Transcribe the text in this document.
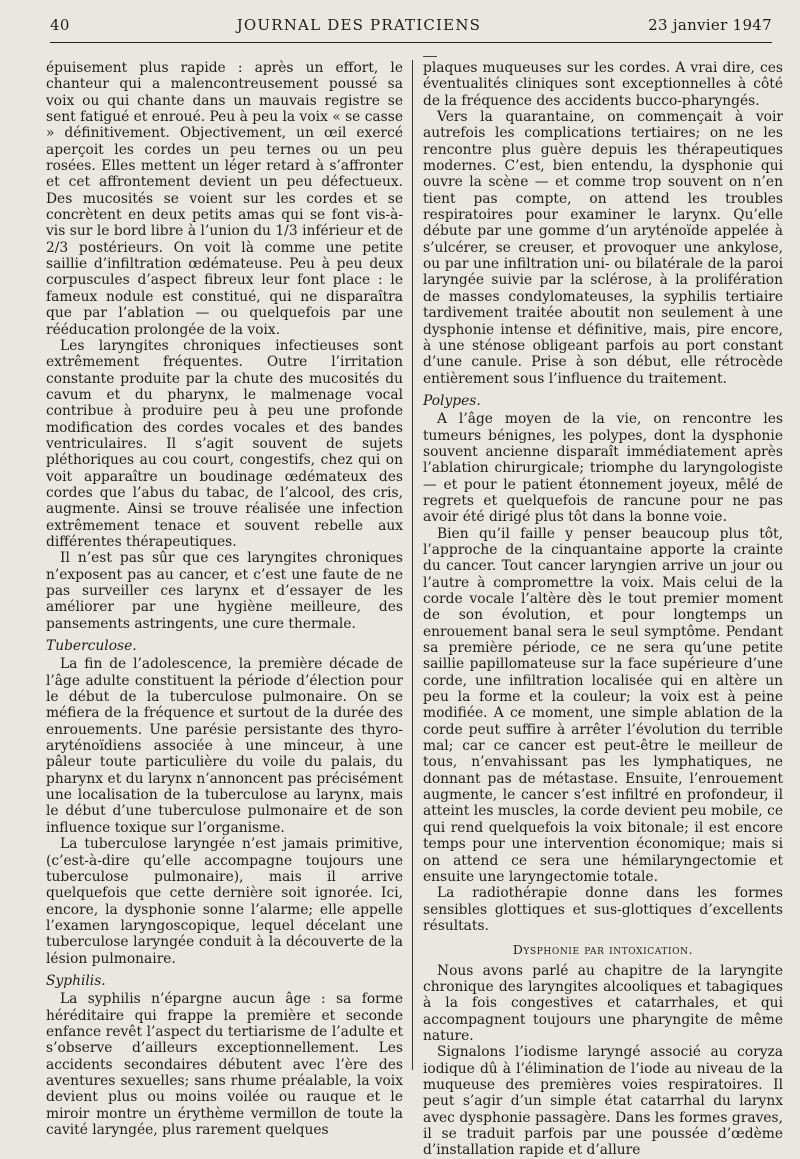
40	JOURNAL DES PRATICIENS	23 janvier 1947

épuisement plus rapide : après un effort, le chanteur qui a malencontreusement poussé sa voix ou qui chante dans un mauvais registre se sent fatigué et enroué. Peu à peu la voix « se casse » définitivement. Objectivement, un œil exercé aperçoit les cordes un peu ternes ou un peu rosées. Elles mettent un léger retard à s’affronter et cet affrontement devient un peu défectueux. Des mucosités se voient sur les cordes et se concrètent en deux petits amas qui se font vis-à-vis sur le bord libre à l’union du 1/3 inférieur et de 2/3 postérieurs. On voit là comme une petite saillie d’infiltration œdémateuse. Peu à peu deux corpuscules d’aspect fibreux leur font place : le fameux nodule est constitué, qui ne disparaîtra que par l’ablation — ou quelquefois par une rééducation prolongée de la voix.

Les laryngites chroniques infectieuses sont extrêmement fréquentes. Outre l’irritation constante produite par la chute des mucosités du cavum et du pharynx, le malmenage vocal contribue à produire peu à peu une profonde modification des cordes vocales et des bandes ventriculaires. Il s’agit souvent de sujets pléthoriques au cou court, congestifs, chez qui on voit apparaître un boudinage œdémateux des cordes que l’abus du tabac, de l’alcool, des cris, augmente. Ainsi se trouve réalisée une infection extrêmement tenace et souvent rebelle aux différentes thérapeutiques.

Il n’est pas sûr que ces laryngites chroniques n’exposent pas au cancer, et c’est une faute de ne pas surveiller ces larynx et d’essayer de les améliorer par une hygiène meilleure, des pansements astringents, une cure thermale.

Tuberculose.

La fin de l’adolescence, la première décade de l’âge adulte constituent la période d’élection pour le début de la tuberculose pulmonaire. On se méfiera de la fréquence et surtout de la durée des enrouements. Une parésie persistante des thyro-aryténoïdiens associée à une minceur, à une pâleur toute particulière du voile du palais, du pharynx et du larynx n’annoncent pas précisément une localisation de la tuberculose au larynx, mais le début d’une tuberculose pulmonaire et de son influence toxique sur l’organisme.

La tuberculose laryngée n’est jamais primitive, (c’est-à-dire qu’elle accompagne toujours une tuberculose pulmonaire), mais il arrive quelquefois que cette dernière soit ignorée. Ici, encore, la dysphonie sonne l’alarme; elle appelle l’examen laryngoscopique, lequel décelant une tuberculose laryngée conduit à la découverte de la lésion pulmonaire.

Syphilis.

La syphilis n’épargne aucun âge : sa forme héréditaire qui frappe la première et seconde enfance revêt l’aspect du tertiarisme de l’adulte et s’observe d’ailleurs exceptionnellement. Les accidents secondaires débutent avec l’ère des aventures sexuelles; sans rhume préalable, la voix devient plus ou moins voilée ou rauque et le miroir montre un érythème vermillon de toute la cavité laryngée, plus rarement quelques

plaques muqueuses sur les cordes. A vrai dire, ces éventualités cliniques sont exceptionnelles à côté de la fréquence des accidents bucco-pharyngés.

Vers la quarantaine, on commençait à voir autrefois les complications tertiaires; on ne les rencontre plus guère depuis les thérapeutiques modernes. C’est, bien entendu, la dysphonie qui ouvre la scène — et comme trop souvent on n’en tient pas compte, on attend les troubles respiratoires pour examiner le larynx. Qu’elle débute par une gomme d’un aryténoïde appelée à s’ulcérer, se creuser, et provoquer une ankylose, ou par une infiltration uni- ou bilatérale de la paroi laryngée suivie par la sclérose, à la prolifération de masses condylomateuses, la syphilis tertiaire tardivement traitée aboutit non seulement à une dysphonie intense et définitive, mais, pire encore, à une sténose obligeant parfois au port constant d’une canule. Prise à son début, elle rétrocède entièrement sous l’influence du traitement.

Polypes.

A l’âge moyen de la vie, on rencontre les tumeurs bénignes, les polypes, dont la dysphonie souvent ancienne disparaît immédiatement après l’ablation chirurgicale; triomphe du laryngologiste — et pour le patient étonnement joyeux, mêlé de regrets et quelquefois de rancune pour ne pas avoir été dirigé plus tôt dans la bonne voie.

Bien qu’il faille y penser beaucoup plus tôt, l’approche de la cinquantaine apporte la crainte du cancer. Tout cancer laryngien arrive un jour ou l’autre à compromettre la voix. Mais celui de la corde vocale l’altère dès le tout premier moment de son évolution, et pour longtemps un enrouement banal sera le seul symptôme. Pendant sa première période, ce ne sera qu’une petite saillie papillomateuse sur la face supérieure d’une corde, une infiltration localisée qui en altère un peu la forme et la couleur; la voix est à peine modifiée. A ce moment, une simple ablation de la corde peut suffire à arrêter l’évolution du terrible mal; car ce cancer est peut-être le meilleur de tous, n’envahissant pas les lymphatiques, ne donnant pas de métastase. Ensuite, l’enrouement augmente, le cancer s’est infiltré en profondeur, il atteint les muscles, la corde devient peu mobile, ce qui rend quelquefois la voix bitonale; il est encore temps pour une intervention économique; mais si on attend ce sera une hémilaryngectomie et ensuite une laryngectomie totale.

La radiothérapie donne dans les formes sensibles glottiques et sus-glottiques d’excellents résultats.

Dysphonie par intoxication.

Nous avons parlé au chapitre de la laryngite chronique des laryngites alcooliques et tabagiques à la fois congestives et catarrhales, et qui accompagnent toujours une pharyngite de même nature.

Signalons l’iodisme laryngé associé au coryza iodique dû à l’élimination de l’iode au niveau de la muqueuse des premières voies respiratoires. Il peut s’agir d’un simple état catarrhal du larynx avec dysphonie passagère. Dans les formes graves, il se traduit parfois par une poussée d’œdème d’installation rapide et d’allure
